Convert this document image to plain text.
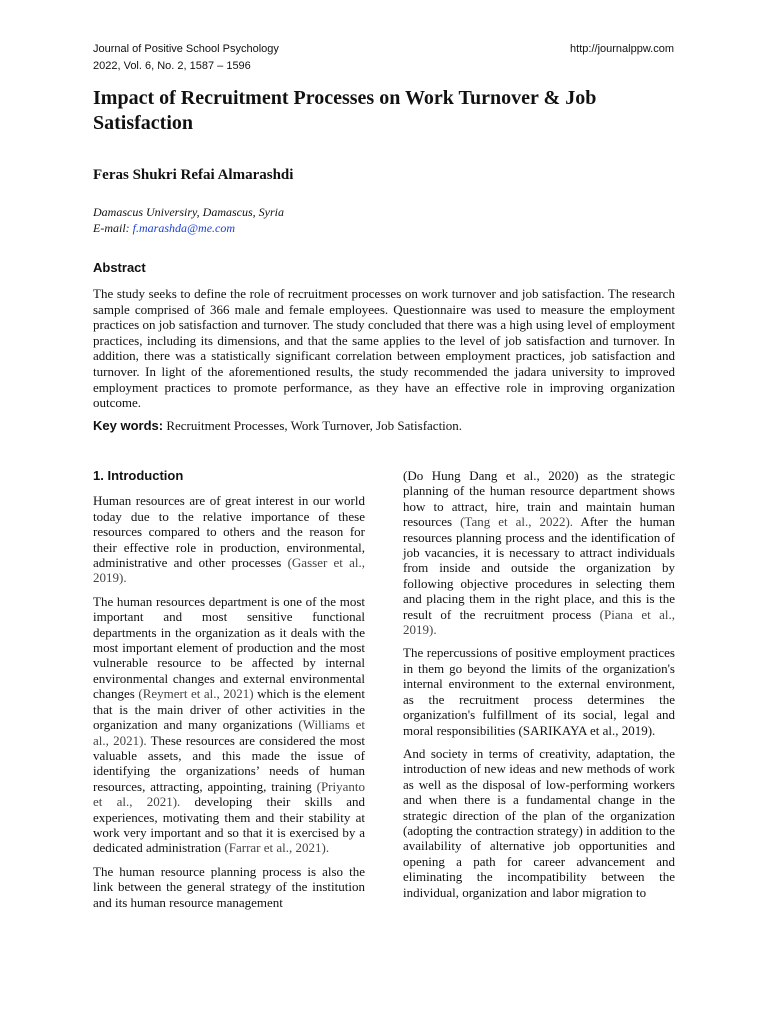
Journal of Positive School Psychology
2022, Vol. 6, No. 2, 1587 – 1596
http://journalppw.com
Impact of Recruitment Processes on Work Turnover & Job Satisfaction
Feras Shukri Refai Almarashdi
Damascus Universiry, Damascus, Syria
E-mail: f.marashda@me.com
Abstract

The study seeks to define the role of recruitment processes on work turnover and job satisfaction. The research sample comprised of 366 male and female employees. Questionnaire was used to measure the employment practices on job satisfaction and turnover. The study concluded that there was a high using level of employment practices, including its dimensions, and that the same applies to the level of job satisfaction and turnover. In addition, there was a statistically significant correlation between employment practices, job satisfaction and turnover. In light of the aforementioned results, the study recommended the jadara university to improved employment practices to promote performance, as they have an effective role in improving organization outcome.

Key words: Recruitment Processes, Work Turnover, Job Satisfaction.
1. Introduction

Human resources are of great interest in our world today due to the relative importance of these resources compared to others and the reason for their effective role in production, environmental, administrative and other processes (Gasser et al., 2019).

The human resources department is one of the most important and most sensitive functional departments in the organization as it deals with the most important element of production and the most vulnerable resource to be affected by internal environmental changes and external environmental changes (Reymert et al., 2021) which is the element that is the main driver of other activities in the organization and many organizations (Williams et al., 2021). These resources are considered the most valuable assets, and this made the issue of identifying the organizations’ needs of human resources, attracting, appointing, training (Priyanto et al., 2021). developing their skills and experiences, motivating them and their stability at work very important and so that it is exercised by a dedicated administration (Farrar et al., 2021).

The human resource planning process is also the link between the general strategy of the institution and its human resource management

(Do Hung Dang et al., 2020) as the strategic planning of the human resource department shows how to attract, hire, train and maintain human resources (Tang et al., 2022). After the human resources planning process and the identification of job vacancies, it is necessary to attract individuals from inside and outside the organization by following objective procedures in selecting them and placing them in the right place, and this is the result of the recruitment process (Piana et al., 2019).

The repercussions of positive employment practices in them go beyond the limits of the organization's internal environment to the external environment, as the recruitment process determines the organization's fulfillment of its social, legal and moral responsibilities (SARIKAYA et al., 2019).

And society in terms of creativity, adaptation, the introduction of new ideas and new methods of work as well as the disposal of low-performing workers and when there is a fundamental change in the strategic direction of the plan of the organization (adopting the contraction strategy) in addition to the availability of alternative job opportunities and opening a path for career advancement and eliminating the incompatibility between the individual, organization and labor migration to
